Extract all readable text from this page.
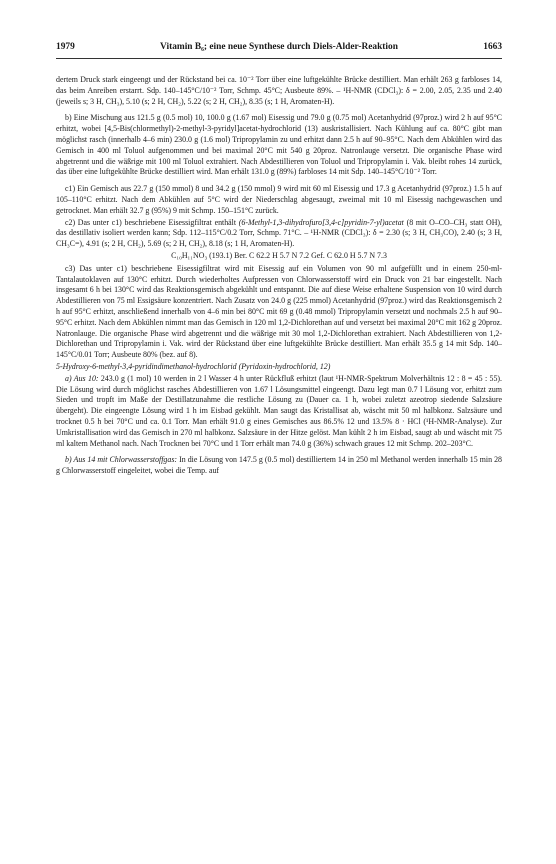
1979	Vitamin B₆; eine neue Synthese durch Diels-Alder-Reaktion	1663

dertem Druck stark eingeengt und der Rückstand bei ca. 10⁻² Torr über eine luftgekühlte Brücke destilliert. Man erhält 263 g farbloses 14, das beim Anreiben erstarrt. Sdp. 140–145°C/10⁻² Torr, Schmp. 45°C; Ausbeute 89%. – ¹H-NMR (CDCl₃): δ = 2.00, 2.05, 2.35 und 2.40 (jeweils s; 3 H, CH₃), 5.10 (s; 2 H, CH₂), 5.22 (s; 2 H, CH₂), 8.35 (s; 1 H, Aromaten-H).

b) Eine Mischung aus 121.5 g (0.5 mol) 10, 100.0 g (1.67 mol) Eisessig und 79.0 g (0.75 mol) Acetanhydrid (97proz.) wird 2 h auf 95°C erhitzt, wobei [4,5-Bis(chlormethyl)-2-methyl-3-pyridyl]acetat-hydrochlorid (13) auskristallisiert. Nach Kühlung auf ca. 80°C gibt man möglichst rasch (innerhalb 4–6 min) 230.0 g (1.6 mol) Tripropylamin zu und erhitzt dann 2.5 h auf 90–95°C. Nach dem Abkühlen wird das Gemisch in 400 ml Toluol aufgenommen und bei maximal 20°C mit 540 g 20proz. Natronlauge versetzt. Die organische Phase wird abgetrennt und die wäßrige mit 100 ml Toluol extrahiert. Nach Abdestillieren von Toluol und Tripropylamin i. Vak. bleibt rohes 14 zurück, das über eine luftgekühlte Brücke destilliert wird. Man erhält 131.0 g (89%) farbloses 14 mit Sdp. 140–145°C/10⁻² Torr.

c1) Ein Gemisch aus 22.7 g (150 mmol) 8 und 34.2 g (150 mmol) 9 wird mit 60 ml Eisessig und 17.3 g Acetanhydrid (97proz.) 1.5 h auf 105–110°C erhitzt. Nach dem Abkühlen auf 5°C wird der Niederschlag abgesaugt, zweimal mit 10 ml Eisessig nachgewaschen und getrocknet. Man erhält 32.7 g (95%) 9 mit Schmp. 150–151°C zurück.

c2) Das unter c1) beschriebene Eisessigfiltrat enthält (6-Methyl-1,3-dihydrofuro[3,4-c]pyridin-7-yl)acetat (8 mit O–CO–CH₃ statt OH), das destillativ isoliert werden kann; Sdp. 112–115°C/0.2 Torr, Schmp. 71°C. – ¹H-NMR (CDCl₃): δ = 2.30 (s; 3 H, CH₃CO), 2.40 (s; 3 H, CH₃C=), 4.91 (s; 2 H, CH₂), 5.69 (s; 2 H, CH₂), 8.18 (s; 1 H, Aromaten-H).

C₁₀H₁₁NO₃ (193.1) Ber. C 62.2 H 5.7 N 7.2 Gef. C 62.0 H 5.7 N 7.3

c3) Das unter c1) beschriebene Eisessigfiltrat wird mit Eisessig auf ein Volumen von 90 ml aufgefüllt und in einem 250-ml-Tantalautoklaven auf 130°C erhitzt. Durch wiederholtes Aufpressen von Chlorwasserstoff wird ein Druck von 21 bar eingestellt. Nach insgesamt 6 h bei 130°C wird das Reaktionsgemisch abgekühlt und entspannt. Die auf diese Weise erhaltene Suspension von 10 wird durch Abdestillieren von 75 ml Essigsäure konzentriert. Nach Zusatz von 24.0 g (225 mmol) Acetanhydrid (97proz.) wird das Reaktionsgemisch 2 h auf 95°C erhitzt, anschließend innerhalb von 4–6 min bei 80°C mit 69 g (0.48 mmol) Tripropylamin versetzt und nochmals 2.5 h auf 90–95°C erhitzt. Nach dem Abkühlen nimmt man das Gemisch in 120 ml 1,2-Dichlorethan auf und versetzt bei maximal 20°C mit 162 g 20proz. Natronlauge. Die organische Phase wird abgetrennt und die wäßrige mit 30 mol 1,2-Dichlorethan extrahiert. Nach Abdestillieren von 1,2-Dichlorethan und Tripropylamin i. Vak. wird der Rückstand über eine luftgekühlte Brücke destilliert. Man erhält 35.5 g 14 mit Sdp. 140–145°C/0.01 Torr; Ausbeute 80% (bez. auf 8).

5-Hydroxy-6-methyl-3,4-pyridindimethanol-hydrochlorid (Pyridoxin-hydrochlorid, 12)

a) Aus 10: 243.0 g (1 mol) 10 werden in 2 l Wasser 4 h unter Rückfluß erhitzt (laut ¹H-NMR-Spektrum Molverhältnis 12 : 8 = 45 : 55). Die Lösung wird durch möglichst rasches Abdestillieren von 1.67 l Lösungsmittel eingeengt. Dazu legt man 0.7 l Lösung vor, erhitzt zum Sieden und tropft im Maße der Destillatzunahme die restliche Lösung zu (Dauer ca. 1 h, wobei zuletzt azeotrop siedende Salzsäure übergeht). Die eingeengte Lösung wird 1 h im Eisbad gekühlt. Man saugt das Kristallisat ab, wäscht mit 50 ml halbkonz. Salzsäure und trocknet 0.5 h bei 70°C und ca. 0.1 Torr. Man erhält 91.0 g eines Gemisches aus 86.5% 12 und 13.5% 8 · HCl (¹H-NMR-Analyse). Zur Umkristallisation wird das Gemisch in 270 ml halbkonz. Salzsäure in der Hitze gelöst. Man kühlt 2 h im Eisbad, saugt ab und wäscht mit 75 ml kaltem Methanol nach. Nach Trocknen bei 70°C und 1 Torr erhält man 74.0 g (36%) schwach graues 12 mit Schmp. 202–203°C.

b) Aus 14 mit Chlorwasserstoffgas: In die Lösung von 147.5 g (0.5 mol) destilliertem 14 in 250 ml Methanol werden innerhalb 15 min 28 g Chlorwasserstoff eingeleitet, wobei die Temp. auf
